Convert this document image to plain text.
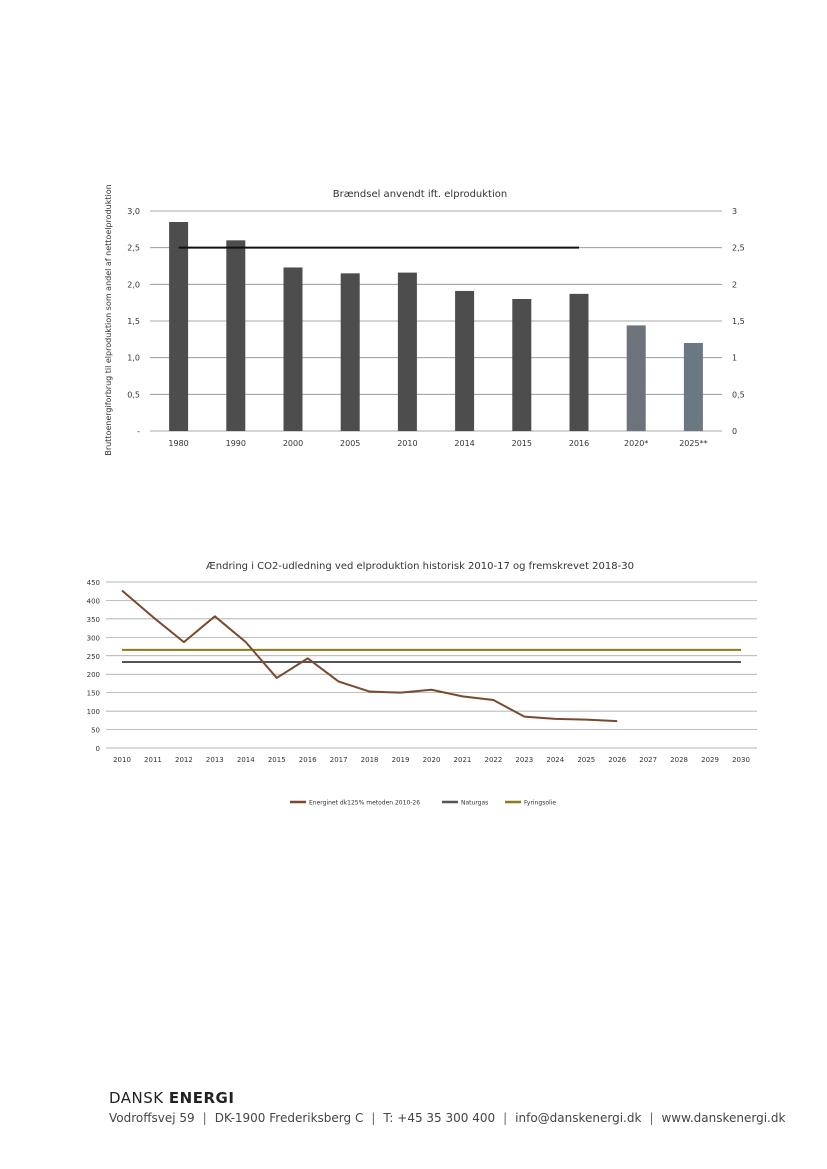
Brændsel anvendt ift. elproduktion
Bruttoenergiforbrug til elproduktion som andel af nettoelproduktion	-
0,5
1,0
1,5
2,0
2,5
3,0
0
0,5
1
1,5
2
2,5
3
1980	1990	2000	2005	2010	2014	2015	2016	2020*	2025**
Ændring i CO2-udledning ved elproduktion historisk 2010-17 og fremskrevet 2018-30
0
50
100
150
200
250
300
350
400
450
2010 2011 2012 2013 2014 2015 2016 2017 2018 2019 2020 2021 2022 2023 2024 2025 2026 2027 2028 2029 2030
Energinet dk125% metoden 2010-26	Naturgas	Fyringsolie
DANSK ENERGI
Vodroffsvej 59 | DK-1900 Frederiksberg C | T: +45 35 300 400 | info@danskenergi.dk | www.danskenergi.dk
